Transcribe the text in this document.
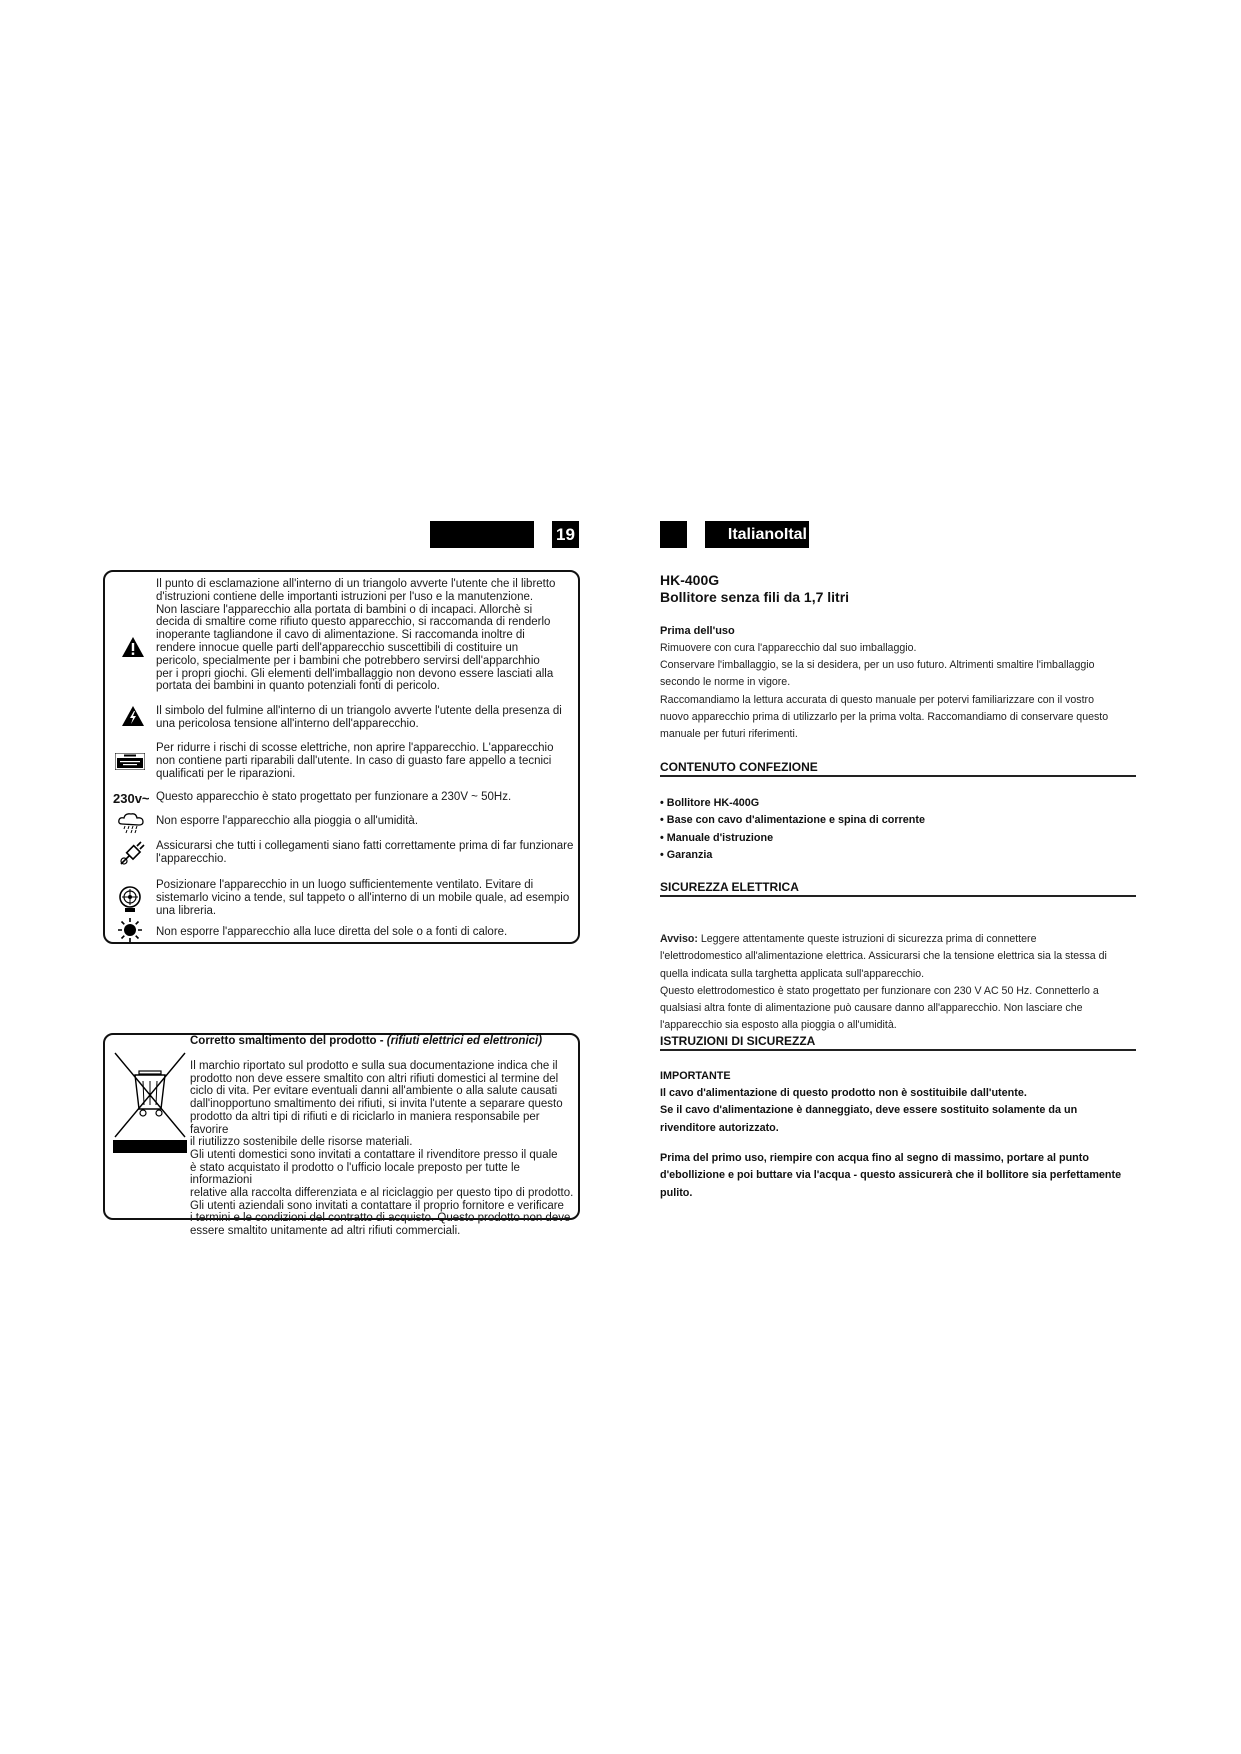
19
Il punto di esclamazione all'interno di un triangolo avverte l'utente che il libretto
d'istruzioni contiene delle importanti istruzioni per l'uso e la manutenzione.
Non lasciare l'apparecchio alla portata di bambini o di incapaci. Allorchè si
decida di smaltire come rifiuto questo apparecchio, si raccomanda di renderlo
inoperante tagliandone il cavo di alimentazione. Si raccomanda inoltre di
rendere innocue quelle parti dell'apparecchio suscettibili di costituire un
pericolo, specialmente per i bambini che potrebbero servirsi dell'apparchhio
per i propri giochi. Gli elementi dell'imballaggio non devono essere lasciati alla
portata dei bambini in quanto potenziali fonti di pericolo.
Il simbolo del fulmine all'interno di un triangolo avverte l'utente della presenza di
una pericolosa tensione all'interno dell'apparecchio.
Per ridurre i rischi di scosse elettriche, non aprire l'apparecchio. L'apparecchio
non contiene parti riparabili dall'utente. In caso di guasto fare appello a tecnici
qualificati per le riparazioni.
230v~ Questo apparecchio è stato progettato per funzionare a 230V ~ 50Hz.
Non esporre l'apparecchio alla pioggia o all'umidità.
Assicurarsi che tutti i collegamenti siano fatti correttamente prima di far funzionare
l'apparecchio.
Posizionare l'apparecchio in un luogo sufficientemente ventilato. Evitare di
sistemarlo vicino a tende, sul tappeto o all'interno di un mobile quale, ad esempio
una libreria.
Non esporre l'apparecchio alla luce diretta del sole o a fonti di calore.
Corretto smaltimento del prodotto - (rifiuti elettrici ed elettronici)
Il marchio riportato sul prodotto e sulla sua documentazione indica che il
prodotto non deve essere smaltito con altri rifiuti domestici al termine del
ciclo di vita. Per evitare eventuali danni all'ambiente o alla salute causati
dall'inopportuno smaltimento dei rifiuti, si invita l'utente a separare questo
prodotto da altri tipi di rifiuti e di riciclarlo in maniera responsabile per favorire
il riutilizzo sostenibile delle risorse materiali.
Gli utenti domestici sono invitati a contattare il rivenditore presso il quale
è stato acquistato il prodotto o l'ufficio locale preposto per tutte le informazioni
relative alla raccolta differenziata e al riciclaggio per questo tipo di prodotto.
Gli utenti aziendali sono invitati a contattare il proprio fornitore e verificare
i termini e le condizioni del contratto di acquisto. Questo prodotto non deve
essere smaltito unitamente ad altri rifiuti commerciali.
ItalianoItal
HK-400G
Bollitore senza fili da 1,7 litri
Prima dell'uso
Rimuovere con cura l'apparecchio dal suo imballaggio.
Conservare l'imballaggio, se la si desidera, per un uso futuro. Altrimenti smaltire l'imballaggio
secondo le norme in vigore.
Raccomandiamo la lettura accurata di questo manuale per potervi familiarizzare con il vostro
nuovo apparecchio prima di utilizzarlo per la prima volta. Raccomandiamo di conservare questo
manuale per futuri riferimenti.
CONTENUTO CONFEZIONE
• Bollitore HK-400G
• Base con cavo d'alimentazione e spina di corrente
• Manuale d'istruzione
• Garanzia
SICUREZZA ELETTRICA

Avviso: Leggere attentamente queste istruzioni di sicurezza prima di connettere
l'elettrodomestico all'alimentazione elettrica. Assicurarsi che la tensione elettrica sia la stessa di
quella indicata sulla targhetta applicata sull'apparecchio.
Questo elettrodomestico è stato progettato per funzionare con 230 V AC 50 Hz. Connetterlo a
qualsiasi altra fonte di alimentazione può causare danno all'apparecchio. Non lasciare che
l'apparecchio sia esposto alla pioggia o all'umidità.

ISTRUZIONI DI SICUREZZA
IMPORTANTE
Il cavo d'alimentazione di questo prodotto non è sostituibile dall'utente.
Se il cavo d'alimentazione è danneggiato, deve essere sostituito solamente da un
rivenditore autorizzato.
Prima del primo uso, riempire con acqua fino al segno di massimo, portare al punto
d'ebollizione e poi buttare via l'acqua - questo assicurerà che il bollitore sia perfettamente
pulito.
